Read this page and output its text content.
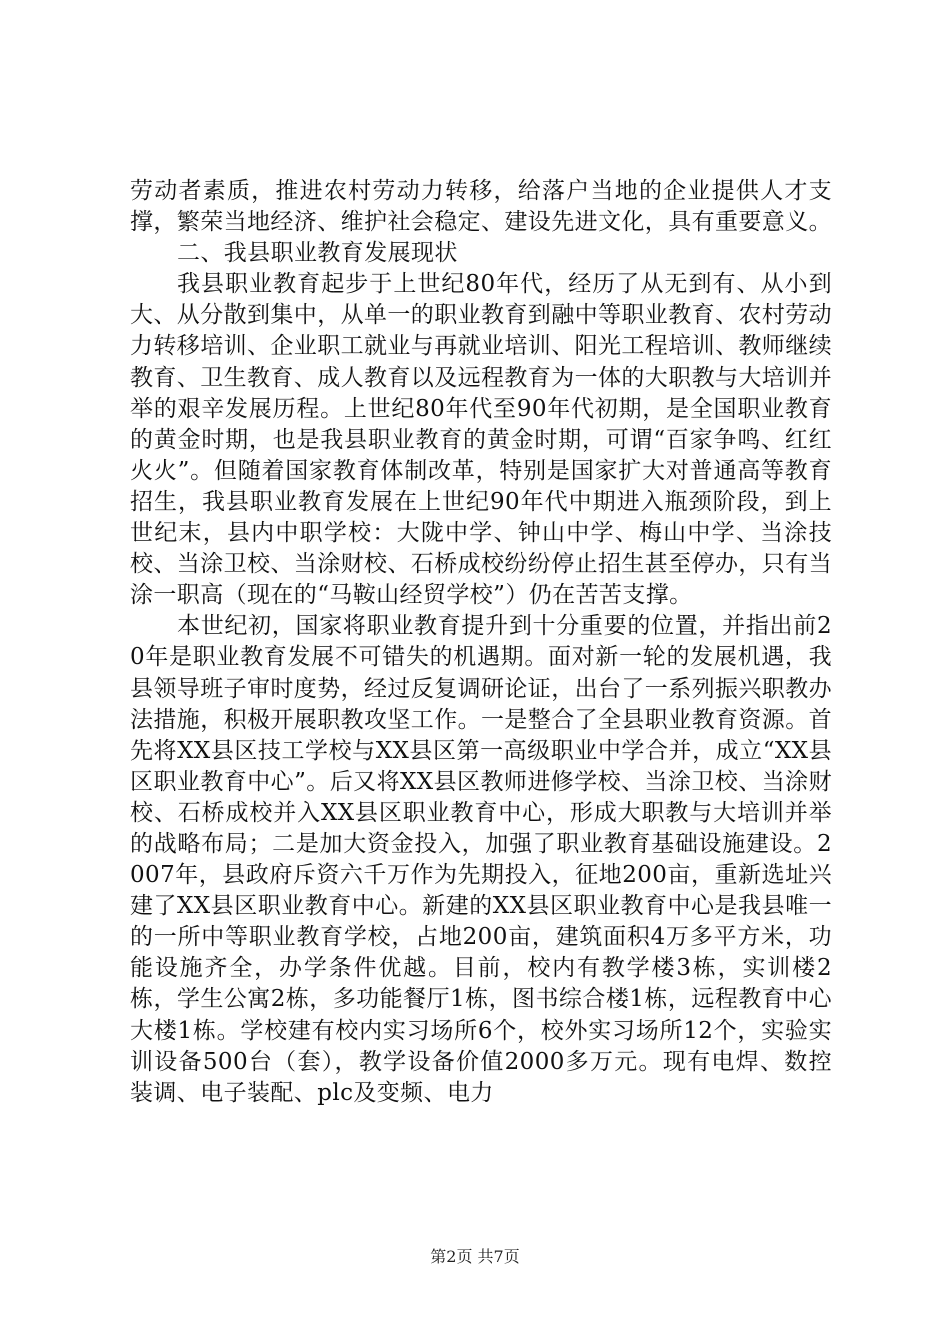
劳动者素质，推进农村劳动力转移，给落户当地的企业提供人才支撑，繁荣当地经济、维护社会稳定、建设先进文化，具有重要意义。

二、我县职业教育发展现状

我县职业教育起步于上世纪80年代，经历了从无到有、从小到大、从分散到集中，从单一的职业教育到融中等职业教育、农村劳动力转移培训、企业职工就业与再就业培训、阳光工程培训、教师继续教育、卫生教育、成人教育以及远程教育为一体的大职教与大培训并举的艰辛发展历程。上世纪80年代至90年代初期，是全国职业教育的黄金时期，也是我县职业教育的黄金时期，可谓“百家争鸣、红红火火”。但随着国家教育体制改革，特别是国家扩大对普通高等教育招生，我县职业教育发展在上世纪90年代中期进入瓶颈阶段，到上世纪末，县内中职学校：大陇中学、钟山中学、梅山中学、当涂技校、当涂卫校、当涂财校、石桥成校纷纷停止招生甚至停办，只有当涂一职高（现在的“马鞍山经贸学校”）仍在苦苦支撑。

本世纪初，国家将职业教育提升到十分重要的位置，并指出前20年是职业教育发展不可错失的机遇期。面对新一轮的发展机遇，我县领导班子审时度势，经过反复调研论证，出台了一系列振兴职教办法措施，积极开展职教攻坚工作。一是整合了全县职业教育资源。首先将XX县区技工学校与XX县区第一高级职业中学合并，成立“XX县区职业教育中心”。后又将XX县区教师进修学校、当涂卫校、当涂财校、石桥成校并入XX县区职业教育中心，形成大职教与大培训并举的战略布局；二是加大资金投入，加强了职业教育基础设施建设。2007年，县政府斥资六千万作为先期投入，征地200亩，重新选址兴建了XX县区职业教育中心。新建的XX县区职业教育中心是我县唯一的一所中等职业教育学校，占地200亩，建筑面积4万多平方米，功能设施齐全，办学条件优越。目前，校内有教学楼3栋，实训楼2栋，学生公寓2栋，多功能餐厅1栋，图书综合楼1栋，远程教育中心大楼1栋。学校建有校内实习场所6个，校外实习场所12个，实验实训设备500台（套），教学设备价值2000多万元。现有电焊、数控装调、电子装配、plc及变频、电力

第2页 共7页
